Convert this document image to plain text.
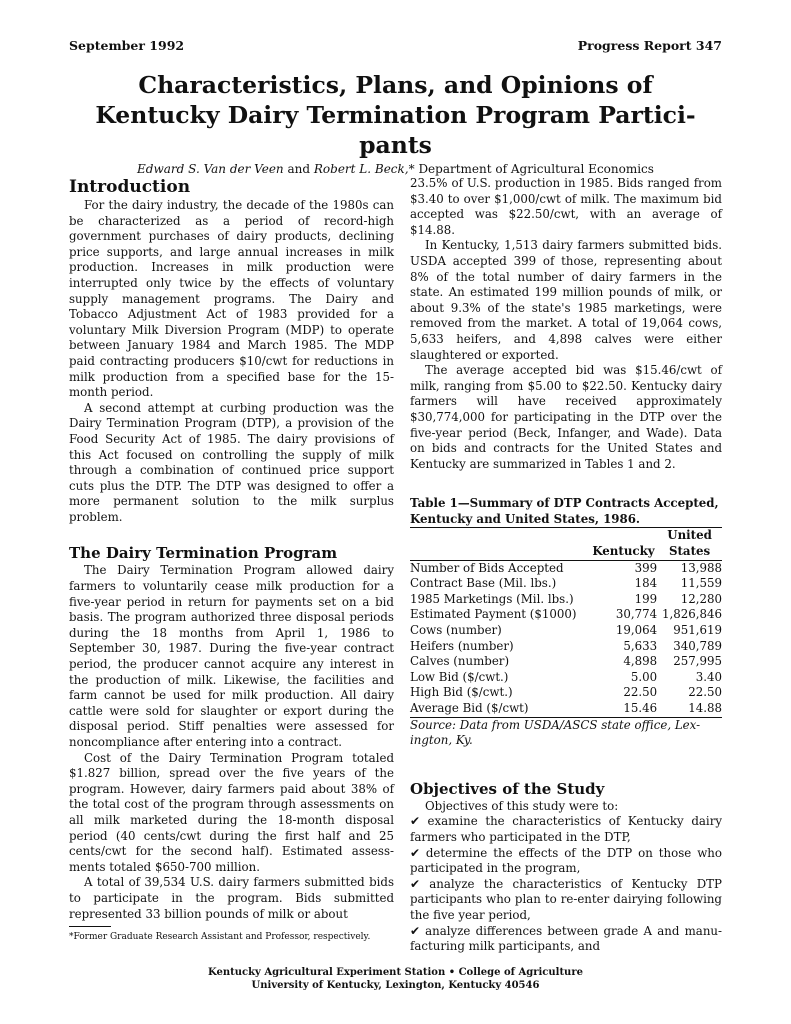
September 1992	Progress Report 347
Characteristics, Plans, and Opinions of
Kentucky Dairy Termination Program Partici-
pants
Edward S. Van der Veen and Robert L. Beck,* Department of Agricultural Economics
Introduction

For the dairy industry, the decade of the 1980s can be characterized as a period of record-high government purchases of dairy products, declining price supports, and large annual increases in milk production. Increases in milk production were interrupted only twice by the effects of voluntary supply management programs. The Dairy and Tobacco Adjustment Act of 1983 provided for a voluntary Milk Diversion Program (MDP) to operate between January 1984 and March 1985. The MDP paid contracting producers $10/cwt for reductions in milk production from a specified base for the 15-month period.

A second attempt at curbing production was the Dairy Termination Program (DTP), a provision of the Food Security Act of 1985. The dairy provisions of this Act focused on controlling the supply of milk through a combination of continued price support cuts plus the DTP. The DTP was designed to offer a more permanent solution to the milk surplus problem.

The Dairy Termination Program

The Dairy Termination Program allowed dairy farmers to voluntarily cease milk production for a five-year period in return for payments set on a bid basis. The program authorized three disposal periods during the 18 months from April 1, 1986 to September 30, 1987. During the five-year contract period, the producer cannot acquire any interest in the production of milk. Likewise, the facilities and farm cannot be used for milk production. All dairy cattle were sold for slaughter or export during the disposal period. Stiff penalties were assessed for noncompliance after entering into a contract.

Cost of the Dairy Termination Program totaled $1.827 billion, spread over the five years of the program. However, dairy farmers paid about 38% of the total cost of the program through assessments on all milk marketed during the 18-month disposal period (40 cents/cwt during the first half and 25 cents/cwt for the second half). Estimated assess-ments totaled $650-700 million.

A total of 39,534 U.S. dairy farmers submitted bids to participate in the program. Bids submitted represented 33 billion pounds of milk or about

23.5% of U.S. production in 1985. Bids ranged from $3.40 to over $1,000/cwt of milk. The maximum bid accepted was $22.50/cwt, with an average of $14.88.

In Kentucky, 1,513 dairy farmers submitted bids. USDA accepted 399 of those, representing about 8% of the total number of dairy farmers in the state. An estimated 199 million pounds of milk, or about 9.3% of the state's 1985 marketings, were removed from the market. A total of 19,064 cows, 5,633 heifers, and 4,898 calves were either slaughtered or exported.

The average accepted bid was $15.46/cwt of milk, ranging from $5.00 to $22.50. Kentucky dairy farmers will have received approximately $30,774,000 for participating in the DTP over the five-year period (Beck, Infanger, and Wade). Data on bids and contracts for the United States and Kentucky are summarized in Tables 1 and 2.

Table 1—Summary of DTP Contracts Accepted, Kentucky and United States, 1986.
		United
	Kentucky	States
Number of Bids Accepted	399	13,988
Contract Base (Mil. lbs.)	184	11,559
1985 Marketings (Mil. lbs.)	199	12,280
Estimated Payment ($1000)	30,774	1,826,846
Cows (number)	19,064	951,619
Heifers (number)	5,633	340,789
Calves (number)	4,898	257,995
Low Bid ($/cwt.)	5.00	3.40
High Bid ($/cwt.)	22.50	22.50
Average Bid ($/cwt)	15.46	14.88
Source: Data from USDA/ASCS state office, Lex-ington, Ky.
Objectives of the Study

Objectives of this study were to:

✔ examine the characteristics of Kentucky dairy farmers who participated in the DTP,

✔ determine the effects of the DTP on those who participated in the program,

✔ analyze the characteristics of Kentucky DTP participants who plan to re-enter dairying following the five year period,

✔ analyze differences between grade A and manu-facturing milk participants, and

*Former Graduate Research Assistant and Professor, respectively.
Kentucky Agricultural Experiment Station • College of Agriculture
University of Kentucky, Lexington, Kentucky 40546
